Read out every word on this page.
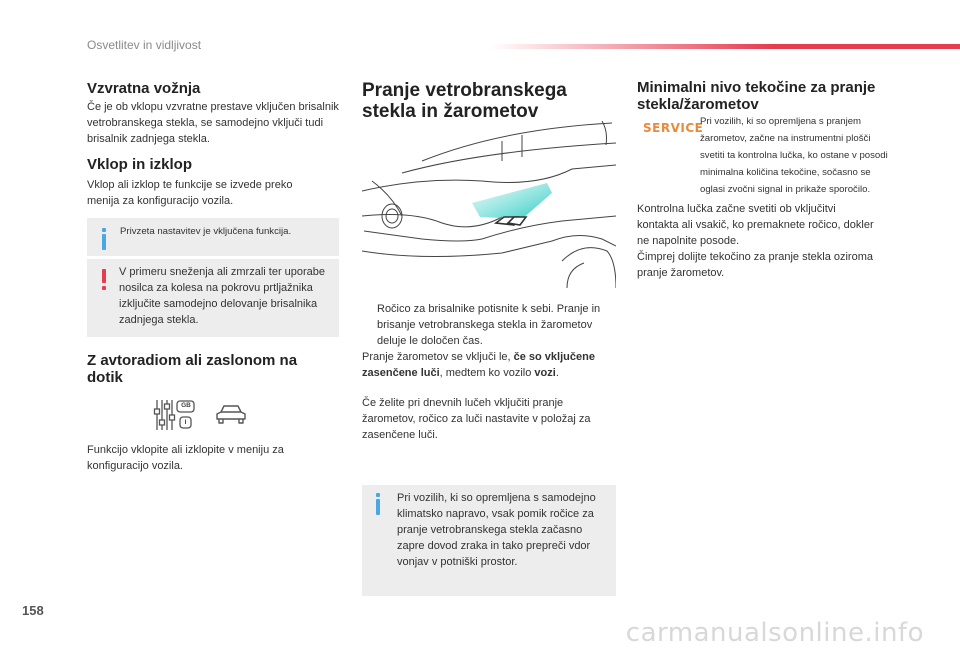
Osvetlitev in vidljivost
Vzvratna vožnja

Če je ob vklopu vzvratne prestave vključen brisalnik vetrobranskega stekla, se samodejno vključi tudi brisalnik zadnjega stekla.

Vklop in izklop

Vklop ali izklop te funkcije se izvede preko menija za konfiguracijo vozila.

Privzeta nastavitev je vključena funkcija.

V primeru sneženja ali zmrzali ter uporabe nosilca za kolesa na pokrovu prtljažnika izključite samodejno delovanje brisalnika zadnjega stekla.

Z avtoradiom ali zaslonom na dotik
GB
I

Funkcijo vklopite ali izklopite v meniju za konfiguracijo vozila.

Pranje vetrobranskega stekla in žarometov
Ročico za brisalnike potisnite k sebi. Pranje in brisanje vetrobranskega stekla in žarometov deluje le določen čas.

Pranje žarometov se vključi le, če so vključene zasenčene luči, medtem ko vozilo vozi.

Če želite pri dnevnih lučeh vključiti pranje žarometov, ročico za luči nastavite v položaj za zasenčene luči.

Pri vozilih, ki so opremljena s samodejno klimatsko napravo, vsak pomik ročice za pranje vetrobranskega stekla začasno zapre dovod zraka in tako prepreči vdor vonjav v potniški prostor.

Minimalni nivo tekočine za pranje stekla/žarometov
SERVICE

Pri vozilih, ki so opremljena s pranjem žarometov, začne na instrumentni plošči svetiti ta kontrolna lučka, ko ostane v posodi minimalna količina tekočine, sočasno se oglasi zvočni signal in prikaže sporočilo.

Kontrolna lučka začne svetiti ob vključitvi kontakta ali vsakič, ko premaknete ročico, dokler ne napolnite posode.

Čimprej dolijte tekočino za pranje stekla oziroma pranje žarometov.

158
carmanualsonline.info
